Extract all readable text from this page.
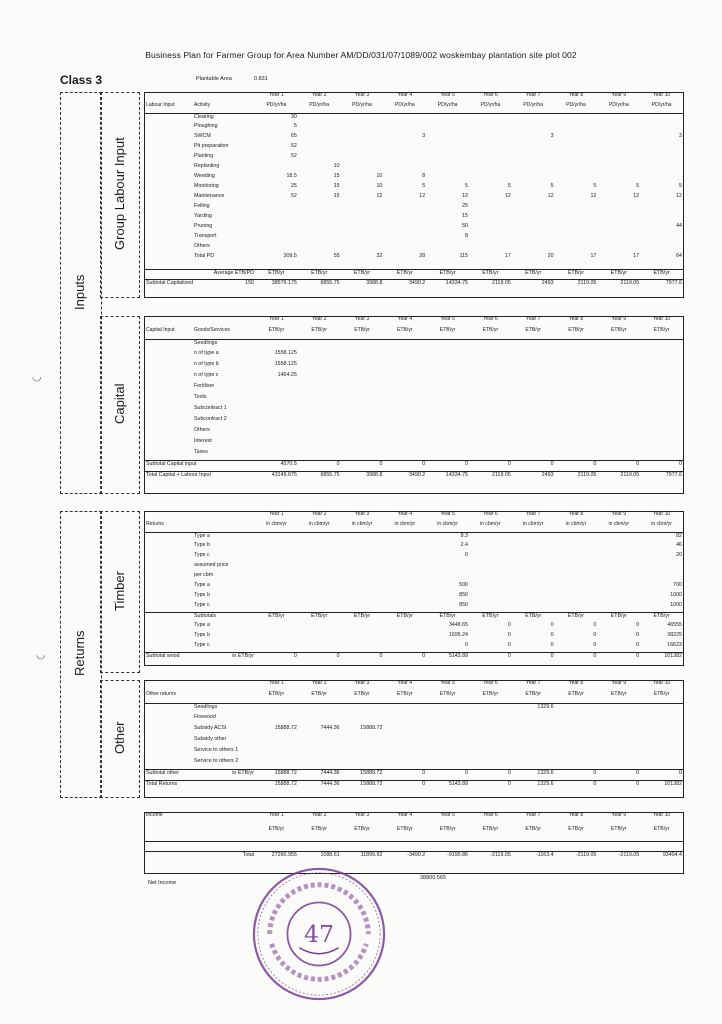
Business Plan for Farmer Group for Area Number AM/DD/031/07/1089/002 woskembay plantation site plot 002
Class 3	Plantable Area	0.831
Inputs
Group Labour Input
Capital
Returns
Timber
Other
		Year 1	Year 2	Year 3	Year 4	Year 5	Year 6	Year 7	Year 8	Year 9	Year 10
Labour Input	Activity	PD/yr/ha	PD/yr/ha	PD/yr/ha	PD/yr/ha	PD/yr/ha	PD/yr/ha	PD/yr/ha	PD/yr/ha	PD/yr/ha	PD/yr/ha
	Clearing	30									
	Ploughing	5									
	SWCM	65			3			3			3
	Pit preparation	52									
	Planting	52									
	Replanting		10								
	Weeding	18.5	15	10	8						
	Monitoring	25	15	10	5	5	5	5	5	5	5
	Maintenance	52	15	12	12	12	12	12	12	12	12
	Felling					25					
	Yarding					15					
	Pruning					50					44
	Transport					8					
	Others										
	Total PD	309.5	55	32	28	115	17	20	17	17	64

	Average ETB/PD	ETB/yr	ETB/yr	ETB/yr	ETB/yr	ETB/yr	ETB/yr	ETB/yr	ETB/yr	ETB/yr	ETB/yr
Subtotal Capitalized	150	38579.175	6855.75	3988.8	3490.2	14334.75	2119.05	2493	2119.05	2119.05	7977.6
		Year 1	Year 2	Year 3	Year 4	Year 5	Year 6	Year 7	Year 8	Year 9	Year 10
Capital Input	Goods/Services	ETB/yr	ETB/yr	ETB/yr	ETB/yr	ETB/yr	ETB/yr	ETB/yr	ETB/yr	ETB/yr	ETB/yr
	Seedlings										
	n of type a	1558.125									
	n of type b	1558.125									
	n of type c	1454.25									
	Fertiliser										
	Tools										
	Subcontract 1										
	Subcontract 2										
	Others										
	Interest										
	Taxes										
Subtotal Capital input		4570.5	0	0	0	0	0	0	0	0	0
Total Capital + Labour Input		43149.675	6855.75	3988.8	3490.2	14334.75	2119.05	2493	2119.05	2119.05	7977.6
		Year 1	Year 2	Year 3	Year 4	Year 5	Year 6	Year 7	Year 8	Year 9	Year 10
Returns		in cbm/yr	in cbm/yr	in cbm/yr	in cbm/yr	in cbm/yr	in cbm/yr	in cbm/yr	in cbm/yr	in cbm/yr	in cbm/yr
	Type a					8.3					82
	Type b					2.4					46
	Type c					0					20
	assumed price										
	per cbm										
	Type a					500					700
	Type b					850					1000
	Type c					850					1000
	Subtotals	ETB/yr	ETB/yr	ETB/yr	ETB/yr	ETB/yr	ETB/yr	ETB/yr	ETB/yr	ETB/yr	ETB/yr
	Type a					3448.65	0	0	0	0	46555
	Type b					1695.24	0	0	0	0	38225
	Type c					0	0	0	0	0	16623
Subtotal wood	in ETB/yr	0	0	0	0	5143.89	0	0	0	0	101382
		Year 1	Year 2	Year 3	Year 4	Year 5	Year 6	Year 7	Year 8	Year 9	Year 10
Other returns		ETB/yr	ETB/yr	ETB/yr	ETB/yr	ETB/yr	ETB/yr	ETB/yr	ETB/yr	ETB/yr	ETB/yr
	Seedlings							1329.6			
	Firewood										
	Subsidy ACSI	15888.72	7444.36	15888.72							
	Subsidy other										
	Service to others 1										
	Service to others 2										
Subtotal other	in ETB/yr	15888.72	7444.36	15888.72	0	0	0	1329.6	0	0	0
Total Returns		15888.72	7444.36	15888.72	0	5143.89	0	1329.6	0	0	101382
Income		Year 1	Year 2	Year 3	Year 4	Year 5	Year 6	Year 7	Year 8	Year 9	Year 10
		ETB/yr	ETB/yr	ETB/yr	ETB/yr	ETB/yr	ETB/yr	ETB/yr	ETB/yr	ETB/yr	ETB/yr

	Total	27260.955	1088.61	11899.92	-3490.2	-9190.86	-2119.05	-1163.4	-2119.05	-2119.05	93404.4
Net Income
38800.565
47
◡
◡
